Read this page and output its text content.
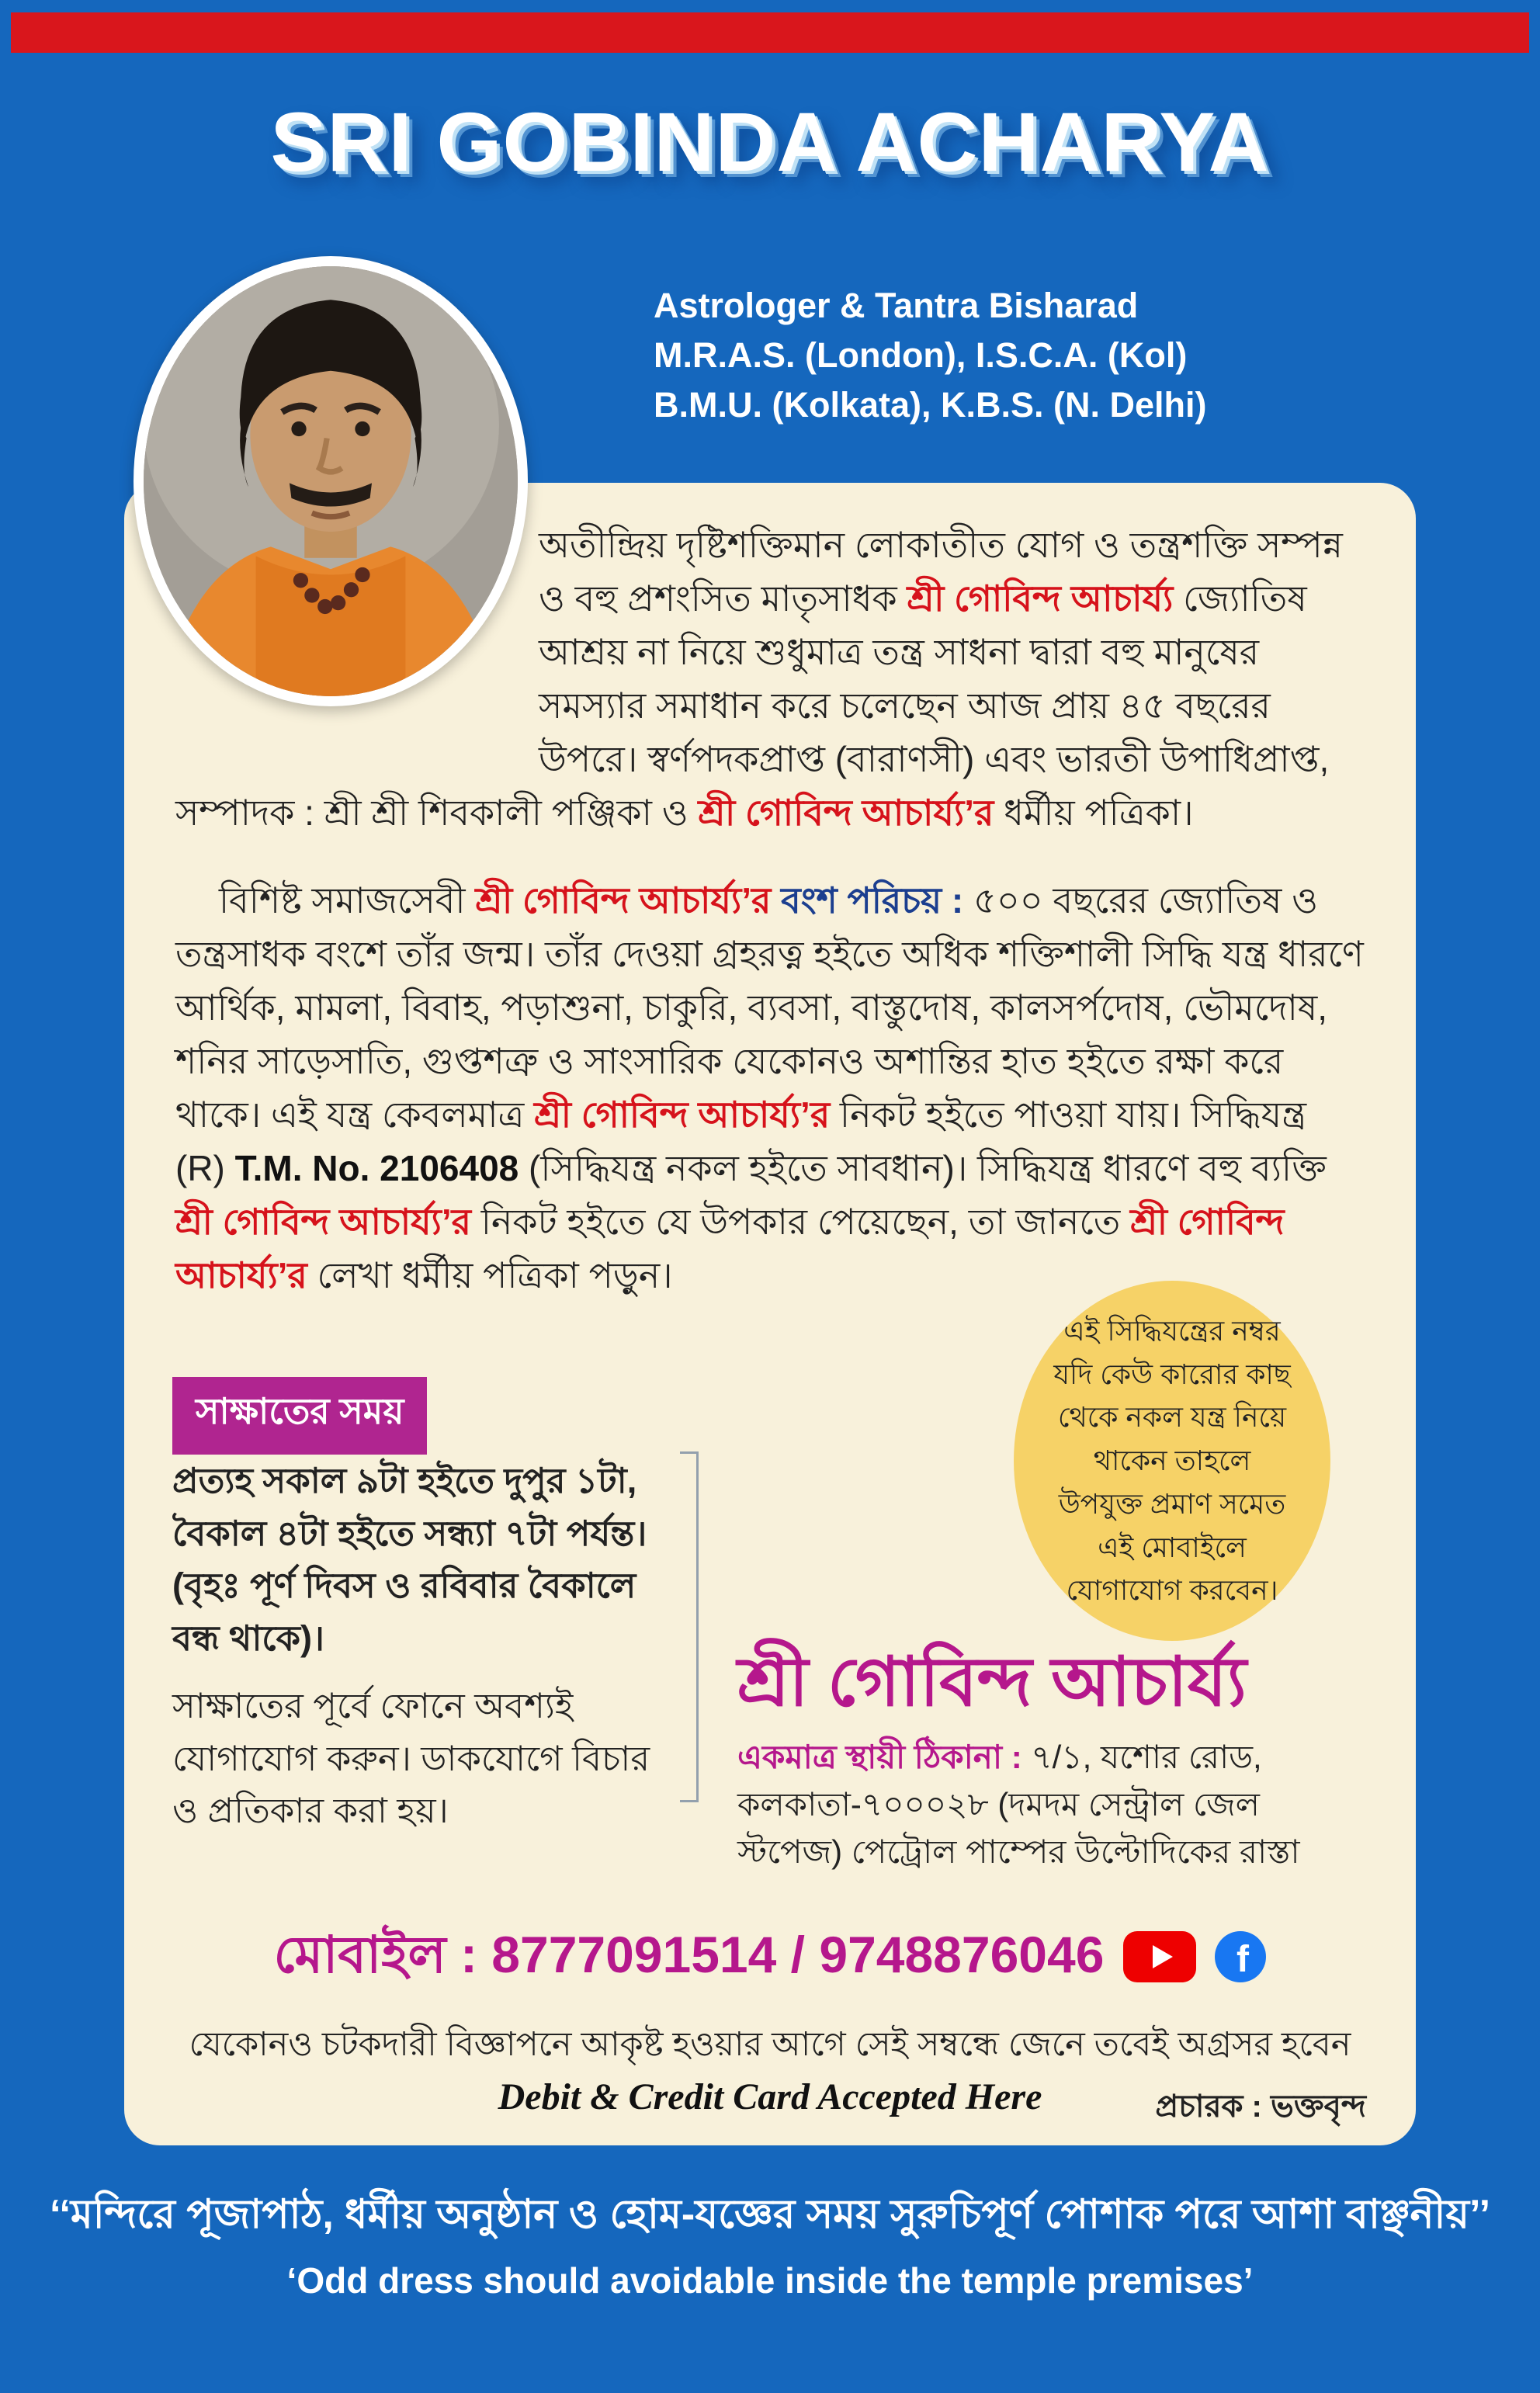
SRI GOBINDA ACHARYA
Astrologer & Tantra Bisharad
M.R.A.S. (London), I.S.C.A. (Kol)
B.M.U. (Kolkata), K.B.S. (N. Delhi)
অতীন্দ্রিয় দৃষ্টিশক্তিমান লোকাতীত যোগ ও তন্ত্রশক্তি সম্পন্ন ও বহু প্রশংসিত মাতৃসাধক শ্রী গোবিন্দ আচার্য্য জ্যোতিষ আশ্রয় না নিয়ে শুধুমাত্র তন্ত্র সাধনা দ্বারা বহু মানুষের সমস্যার সমাধান করে চলেছেন আজ প্রায় ৪৫ বছরের উপরে। স্বর্ণপদকপ্রাপ্ত (বারাণসী) এবং ভারতী উপাধিপ্রাপ্ত, সম্পাদক : শ্রী শ্রী শিবকালী পঞ্জিকা ও শ্রী গোবিন্দ আচার্য্য’র ধর্মীয় পত্রিকা।
বিশিষ্ট সমাজসেবী শ্রী গোবিন্দ আচার্য্য’র বংশ পরিচয় : ৫০০ বছরের জ্যোতিষ ও তন্ত্রসাধক বংশে তাঁর জন্ম। তাঁর দেওয়া গ্রহরত্ন হইতে অধিক শক্তিশালী সিদ্ধি যন্ত্র ধারণে আর্থিক, মামলা, বিবাহ, পড়াশুনা, চাকুরি, ব্যবসা, বাস্তুদোষ, কালসর্পদোষ, ভৌমদোষ, শনির সাড়েসাতি, গুপ্তশত্রু ও সাংসারিক যেকোনও অশান্তির হাত হইতে রক্ষা করে থাকে। এই যন্ত্র কেবলমাত্র শ্রী গোবিন্দ আচার্য্য’র নিকট হইতে পাওয়া যায়। সিদ্ধিযন্ত্র (R) T.M. No. 2106408 (সিদ্ধিযন্ত্র নকল হইতে সাবধান)। সিদ্ধিযন্ত্র ধারণে বহু ব্যক্তি শ্রী গোবিন্দ আচার্য্য’র নিকট হইতে যে উপকার পেয়েছেন, তা জানতে শ্রী গোবিন্দ আচার্য্য’র লেখা ধর্মীয় পত্রিকা পড়ুন।
সাক্ষাতের সময়

প্রত্যহ সকাল ৯টা হইতে দুপুর ১টা, বৈকাল ৪টা হইতে সন্ধ্যা ৭টা পর্যন্ত। (বৃহঃ পূর্ণ দিবস ও রবিবার বৈকালে বন্ধ থাকে)।

সাক্ষাতের পূর্বে ফোনে অবশ্যই যোগাযোগ করুন। ডাকযোগে বিচার ও প্রতিকার করা হয়।

এই সিদ্ধিযন্ত্রের নম্বর যদি কেউ কারোর কাছ থেকে নকল যন্ত্র নিয়ে থাকেন তাহলে উপযুক্ত প্রমাণ সমেত এই মোবাইলে যোগাযোগ করবেন।
শ্রী গোবিন্দ আচার্য্য
একমাত্র স্থায়ী ঠিকানা : ৭/১, যশোর রোড,
কলকাতা-৭০০০২৮ (দমদম সেন্ট্রাল জেল
স্টপেজ) পেট্রোল পাম্পের উল্টোদিকের রাস্তা
মোবাইল : 8777091514 / 9748876046	f
যেকোনও চটকদারী বিজ্ঞাপনে আকৃষ্ট হওয়ার আগে সেই সম্বন্ধে জেনে তবেই অগ্রসর হবেন
Debit & Credit Card Accepted Here	প্রচারক : ভক্তবৃন্দ

‘‘মন্দিরে পূজাপাঠ, ধর্মীয় অনুষ্ঠান ও হোম-যজ্ঞের সময় সুরুচিপূর্ণ পোশাক পরে আশা বাঞ্ছনীয়’’

‘Odd dress should avoidable inside the temple premises’
